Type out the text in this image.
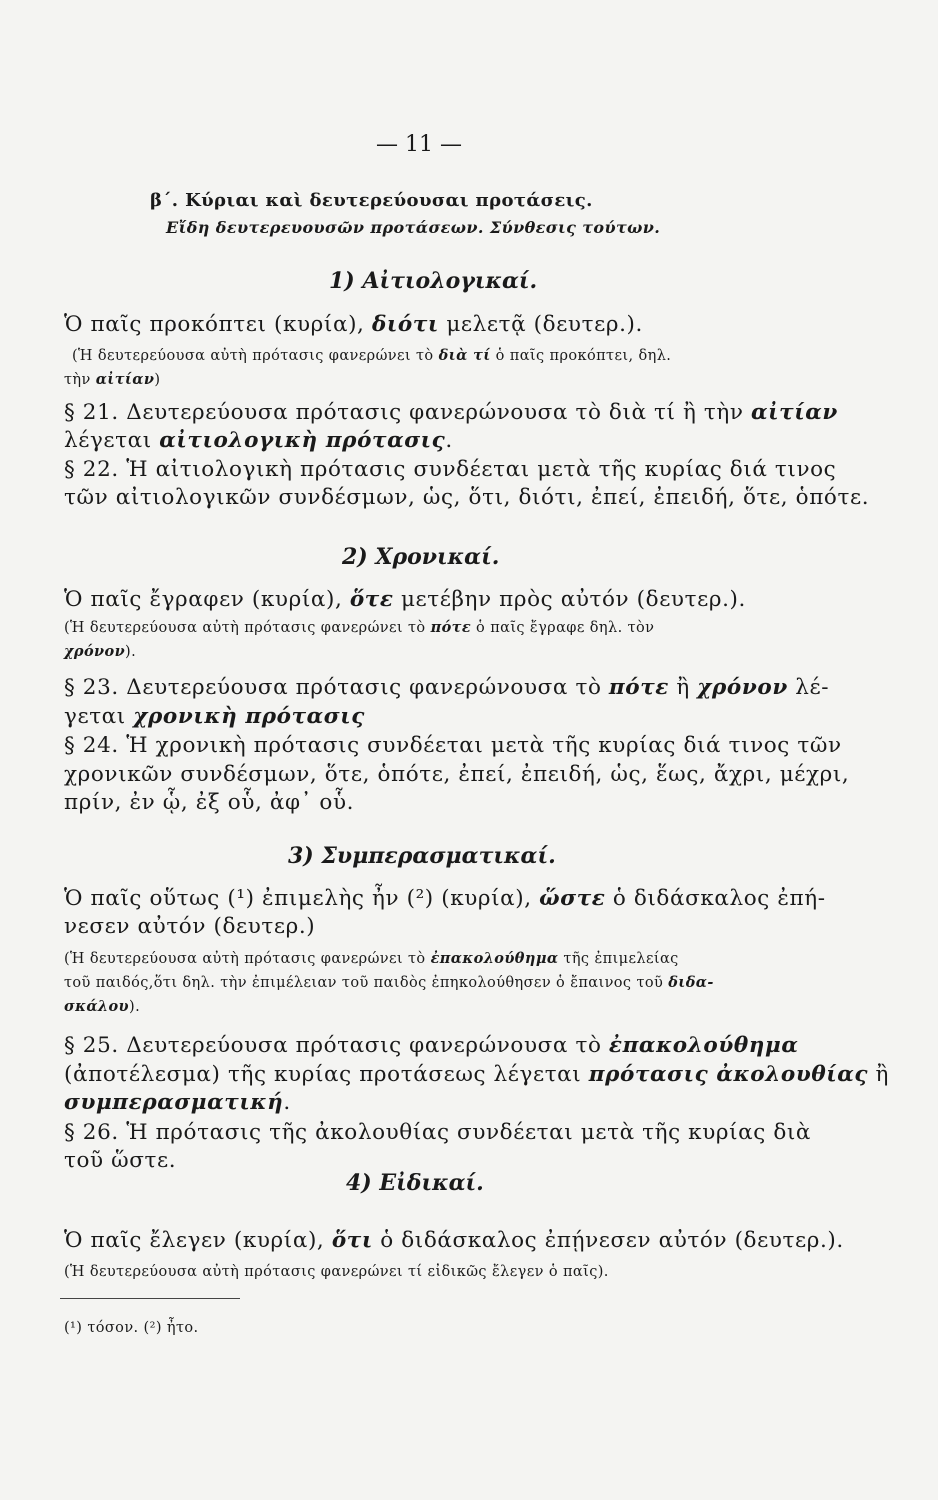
— 11 —
β΄. Κύριαι καὶ δευτερεύουσαι προτάσεις.
Εἴδη δευτερευουσῶν προτάσεων. Σύνθεσις τούτων.
1) Αἰτιολογικαί.
Ὁ παῖς προκόπτει (κυρία), διότι μελετᾷ (δευτερ.).
(Ἡ δευτερεύουσα αὐτὴ πρότασις φανερώνει τὸ διὰ τί ὁ παῖς προκόπτει, δηλ.
τὴν αἰτίαν)
§ 21. Δευτερεύουσα πρότασις φανερώνουσα τὸ διὰ τί ἢ τὴν αἰτίαν
λέγεται αἰτιολογικὴ πρότασις.
§ 22. Ἡ αἰτιολογικὴ πρότασις συνδέεται μετὰ τῆς κυρίας διά τινος
τῶν αἰτιολογικῶν συνδέσμων, ὡς, ὅτι, διότι, ἐπεί, ἐπειδή, ὅτε, ὁπότε.
2) Χρονικαί.
Ὁ παῖς ἔγραφεν (κυρία), ὅτε μετέβην πρὸς αὐτόν (δευτερ.).
(Ἡ δευτερεύουσα αὐτὴ πρότασις φανερώνει τὸ πότε ὁ παῖς ἔγραφε δηλ. τὸν
χρόνον).
§ 23. Δευτερεύουσα πρότασις φανερώνουσα τὸ πότε ἢ χρόνον λέ-
γεται χρονικὴ πρότασις
§ 24. Ἡ χρονικὴ πρότασις συνδέεται μετὰ τῆς κυρίας διά τινος τῶν
χρονικῶν συνδέσμων, ὅτε, ὁπότε, ἐπεί, ἐπειδή, ὡς, ἕως, ἄχρι, μέχρι,
πρίν, ἐν ᾧ, ἐξ οὗ, ἀφ᾽ οὗ.
3) Συμπερασματικαί.
Ὁ παῖς οὕτως (¹) ἐπιμελὴς ἦν (²) (κυρία), ὥστε ὁ διδάσκαλος ἐπή-
νεσεν αὐτόν (δευτερ.)
(Ἡ δευτερεύουσα αὐτὴ πρότασις φανερώνει τὸ ἐπακολούθημα τῆς ἐπιμελείας
τοῦ παιδός,ὅτι δηλ. τὴν ἐπιμέλειαν τοῦ παιδὸς ἐπηκολούθησεν ὁ ἔπαινος τοῦ διδα-
σκάλου).
§ 25. Δευτερεύουσα πρότασις φανερώνουσα τὸ ἐπακολούθημα
(ἀποτέλεσμα) τῆς κυρίας προτάσεως λέγεται πρότασις ἀκολουθίας ἢ
συμπερασματική.
§ 26. Ἡ πρότασις τῆς ἀκολουθίας συνδέεται μετὰ τῆς κυρίας διὰ
τοῦ ὥστε.
4) Εἰδικαί.
Ὁ παῖς ἔλεγεν (κυρία), ὅτι ὁ διδάσκαλος ἐπῄνεσεν αὐτόν (δευτερ.).
(Ἡ δευτερεύουσα αὐτὴ πρότασις φανερώνει τί εἰδικῶς ἔλεγεν ὁ παῖς).
(¹) τόσον. (²) ἦτο.
